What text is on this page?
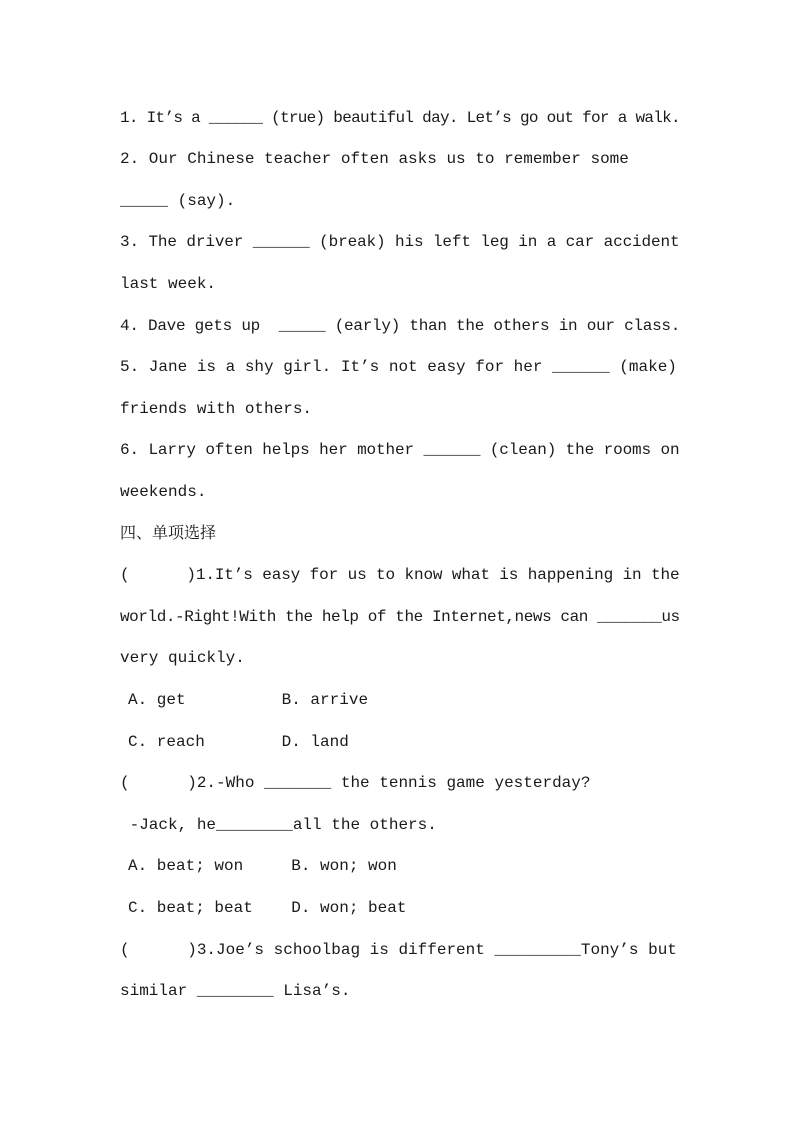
1. It’s a ______ (true) beautiful day. Let’s go out for a walk.
2. Our Chinese teacher often asks us to remember some
_____ (say).
3. The driver ______ (break) his left leg in a car accident
last week.
4. Dave gets up  _____ (early) than the others in our class.
5. Jane is a shy girl. It’s not easy for her ______ (make)
friends with others.
6. Larry often helps her mother ______ (clean) the rooms on
weekends.
四、单项选择
(      )1.It’s easy for us to know what is happening in the
world.-Right!With the help of the Internet,news can _______us
very quickly.
A. get          B. arrive
C. reach        D. land
(      )2.-Who _______ the tennis game yesterday?
-Jack, he________all the others.
A. beat; won     B. won; won
C. beat; beat    D. won; beat
(      )3.Joe’s schoolbag is different _________Tony’s but
similar ________ Lisa’s.
